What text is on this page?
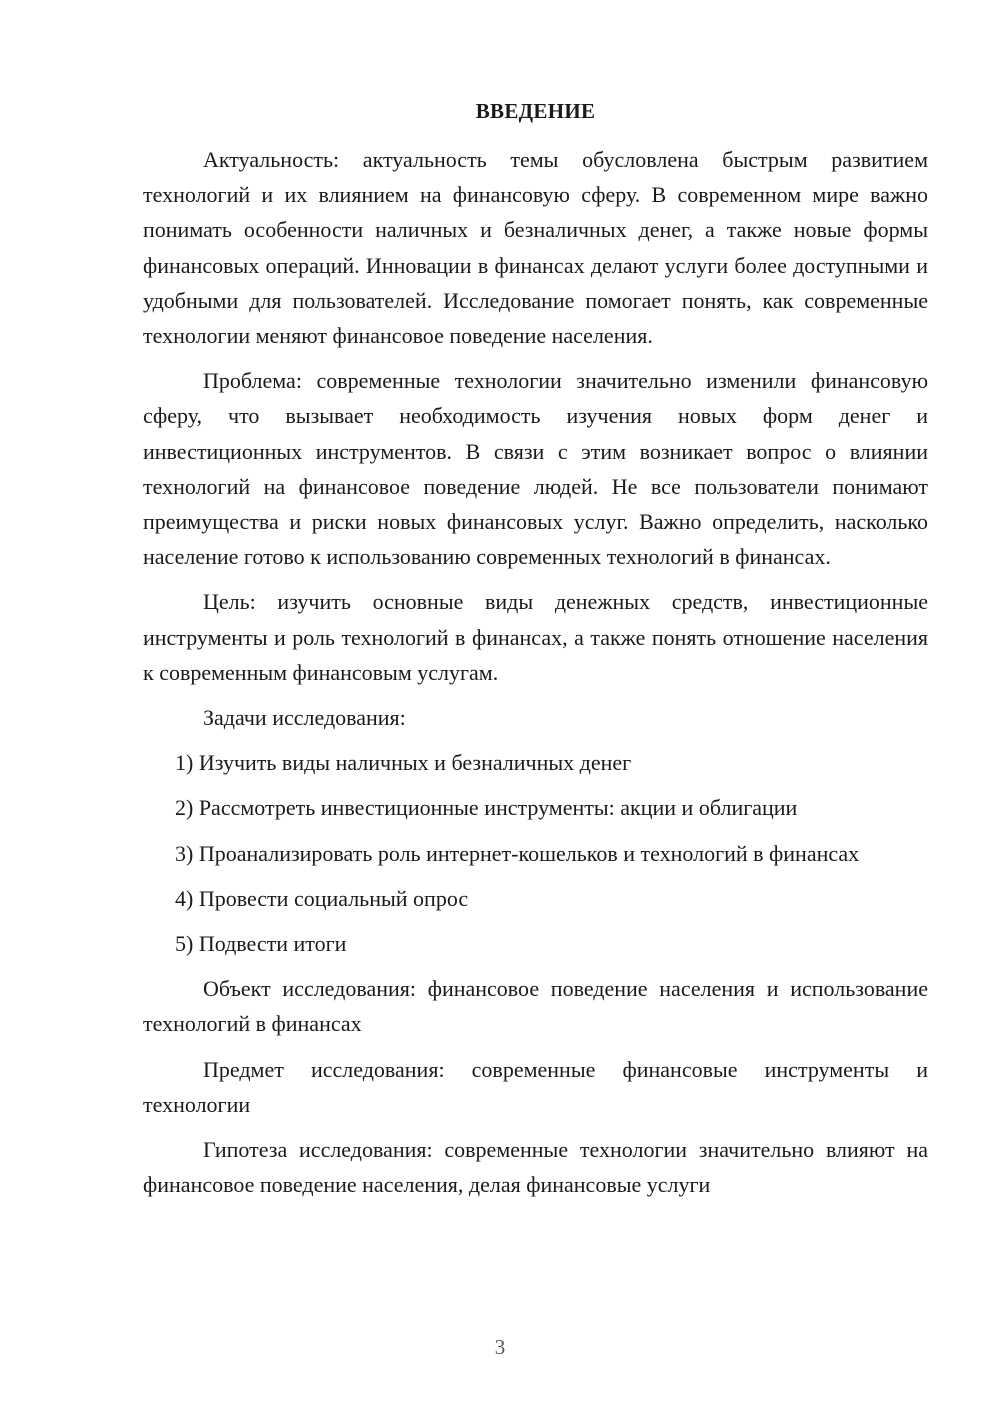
ВВЕДЕНИЕ

Актуальность: актуальность темы обусловлена быстрым развитием технологий и их влиянием на финансовую сферу. В современном мире важно понимать особенности наличных и безналичных денег, а также новые формы финансовых операций. Инновации в финансах делают услуги более доступными и удобными для пользователей. Исследование помогает понять, как современные технологии меняют финансовое поведение населения.

Проблема: современные технологии значительно изменили финансовую сферу, что вызывает необходимость изучения новых форм денег и инвестиционных инструментов. В связи с этим возникает вопрос о влиянии технологий на финансовое поведение людей. Не все пользователи понимают преимущества и риски новых финансовых услуг. Важно определить, насколько население готово к использованию современных технологий в финансах.

Цель: изучить основные виды денежных средств, инвестиционные инструменты и роль технологий в финансах, а также понять отношение населения к современным финансовым услугам.

Задачи исследования:

1) Изучить виды наличных и безналичных денег

2) Рассмотреть инвестиционные инструменты: акции и облигации

3) Проанализировать роль интернет-кошельков и технологий в финансах

4) Провести социальный опрос

5) Подвести итоги

Объект исследования: финансовое поведение населения и использование технологий в финансах

Предмет исследования: современные финансовые инструменты и технологии

Гипотеза исследования: современные технологии значительно влияют на финансовое поведение населения, делая финансовые услуги

3
